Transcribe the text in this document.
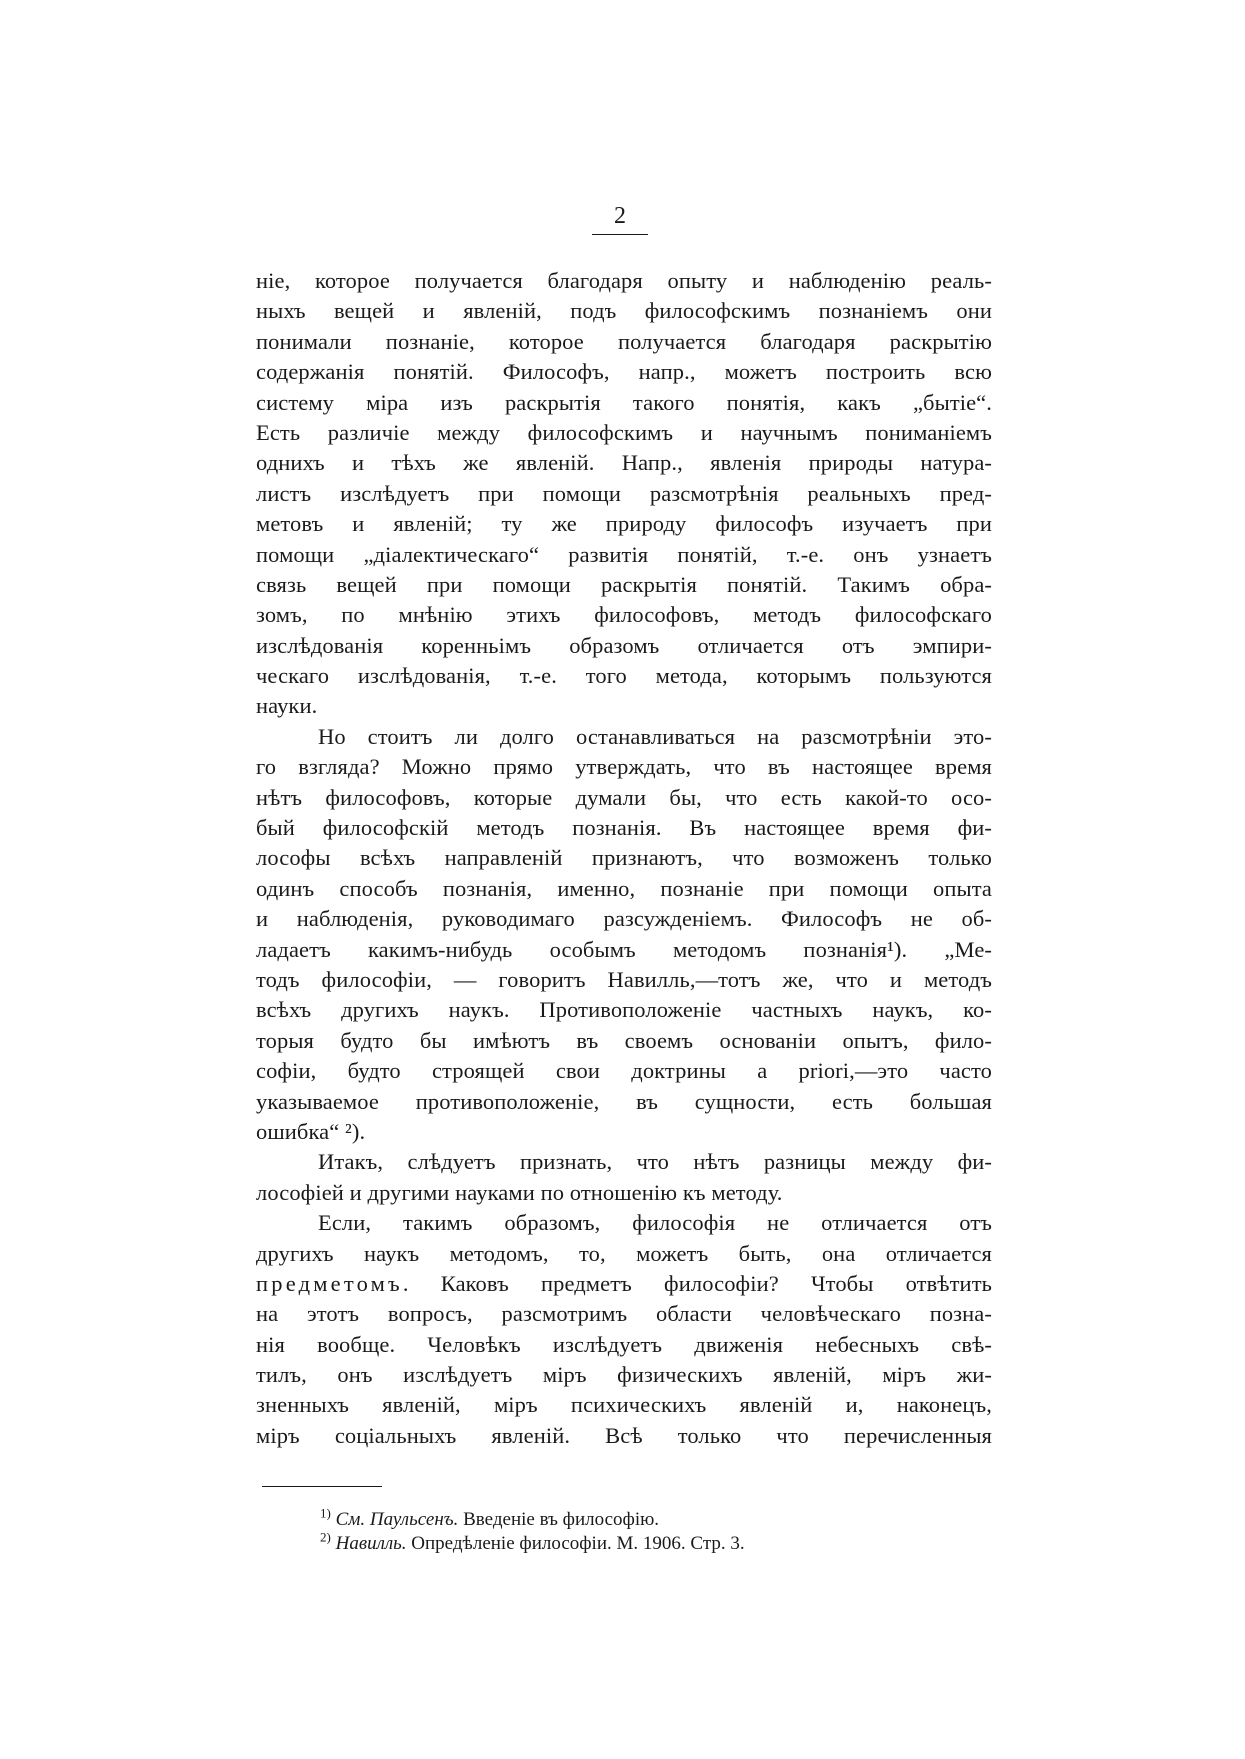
2
ніе, которое получается благодаря опыту и наблюденію реаль-
ныхъ вещей и явленій, подъ философскимъ познаніемъ они
понимали познаніе, которое получается благодаря раскрытію
содержанія понятій. Философъ, напр., можетъ построить всю
систему міра изъ раскрытія такого понятія, какъ „бытіе“.
Есть различіе между философскимъ и научнымъ пониманіемъ
однихъ и тѣхъ же явленій. Напр., явленія природы натура-
листъ изслѣдуетъ при помощи разсмотрѣнія реальныхъ пред-
метовъ и явленій; ту же природу философъ изучаетъ при
помощи „діалектическаго“ развитія понятій, т.-е. онъ узнаетъ
связь вещей при помощи раскрытія понятій. Такимъ обра-
зомъ, по мнѣнію этихъ философовъ, методъ философскаго
изслѣдованія коренньімъ образомъ отличается отъ эмпири-
ческаго изслѣдованія, т.-е. того метода, которымъ пользуются
науки.
Но стоитъ ли долго останавливаться на разсмотрѣніи это-
го взгляда? Можно прямо утверждать, что въ настоящее время
нѣтъ философовъ, которые думали бы, что есть какой-то осо-
бый философскій методъ познанія. Въ настоящее время фи-
лософы всѣхъ направленій признаютъ, что возможенъ только
одинъ способъ познанія, именно, познаніе при помощи опыта
и наблюденія, руководимаго разсужденіемъ. Философъ не об-
ладаетъ какимъ-нибудь особымъ методомъ познанія¹). „Ме-
тодъ философіи, — говоритъ Навилль,—тотъ же, что и методъ
всѣхъ другихъ наукъ. Противоположеніе частныхъ наукъ, ко-
торыя будто бы имѣютъ въ своемъ основаніи опытъ, фило-
софіи, будто строящей свои доктрины a priori,—это часто
указываемое противоположеніе, въ сущности, есть большая
ошибка“ ²).
Итакъ, слѣдуетъ признать, что нѣтъ разницы между фи-
лософіей и другими науками по отношенію къ методу.
Если, такимъ образомъ, философія не отличается отъ
другихъ наукъ методомъ, то, можетъ быть, она отличается
предметомъ. Каковъ предметъ философіи? Чтобы отвѣтить
на этотъ вопросъ, разсмотримъ области человѣческаго позна-
нія вообще. Человѣкъ изслѣдуетъ движенія небесныхъ свѣ-
тилъ, онъ изслѣдуетъ міръ физическихъ явленій, міръ жи-
зненныхъ явленій, міръ психическихъ явленій и, наконецъ,
міръ соціальныхъ явленій. Всѣ только что перечисленныя
$^{1)}$ См. Паульсенъ. Введеніе въ философію.
$^{2)}$ Навилль. Опредѣленіе философіи. М. 1906. Стр. 3.
